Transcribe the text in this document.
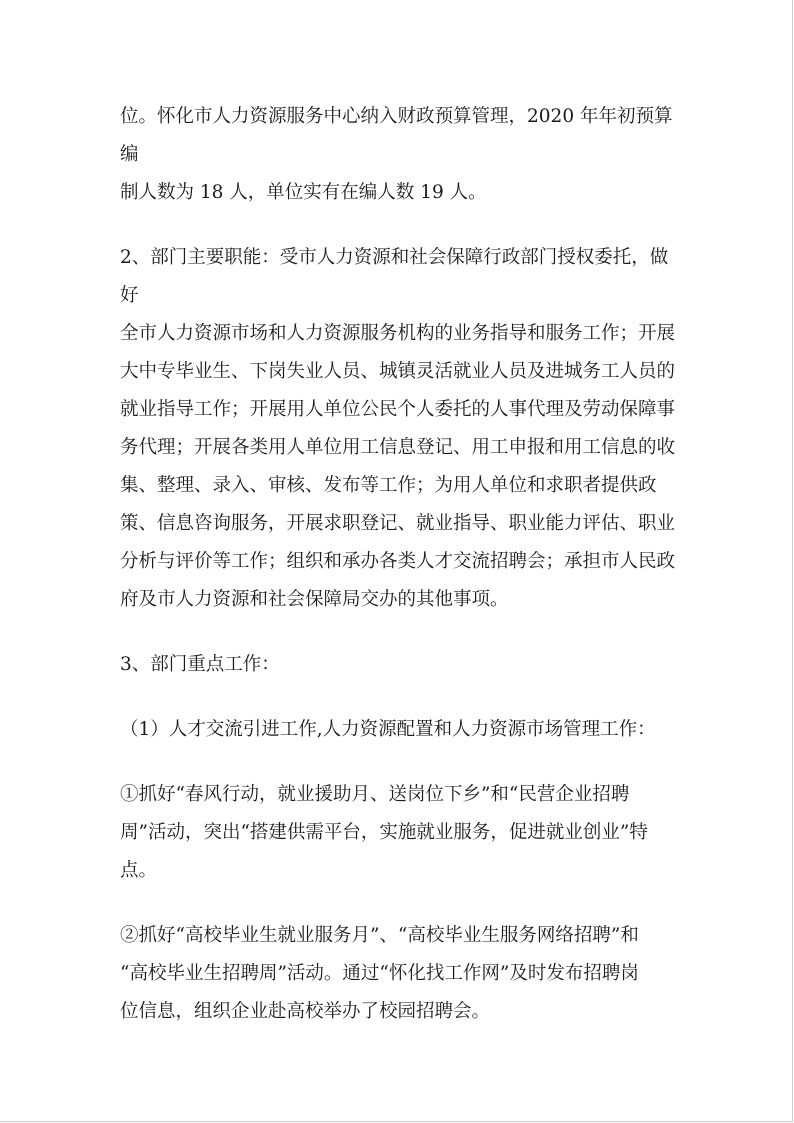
位。怀化市人力资源服务中心纳入财政预算管理，2020 年年初预算编
制人数为 18 人，单位实有在编人数 19 人。

2、部门主要职能：受市人力资源和社会保障行政部门授权委托，做好
全市人力资源市场和人力资源服务机构的业务指导和服务工作；开展
大中专毕业生、下岗失业人员、城镇灵活就业人员及进城务工人员的
就业指导工作；开展用人单位公民个人委托的人事代理及劳动保障事
务代理；开展各类用人单位用工信息登记、用工申报和用工信息的收
集、整理、录入、审核、发布等工作；为用人单位和求职者提供政
策、信息咨询服务，开展求职登记、就业指导、职业能力评估、职业
分析与评价等工作；组织和承办各类人才交流招聘会；承担市人民政
府及市人力资源和社会保障局交办的其他事项。

3、部门重点工作：

（1）人才交流引进工作,人力资源配置和人力资源市场管理工作：

①抓好“春风行动，就业援助月、送岗位下乡”和“民营企业招聘
周”活动，突出“搭建供需平台，实施就业服务，促进就业创业”特
点。

②抓好“高校毕业生就业服务月”、“高校毕业生服务网络招聘”和
“高校毕业生招聘周”活动。通过“怀化找工作网”及时发布招聘岗
位信息，组织企业赴高校举办了校园招聘会。
